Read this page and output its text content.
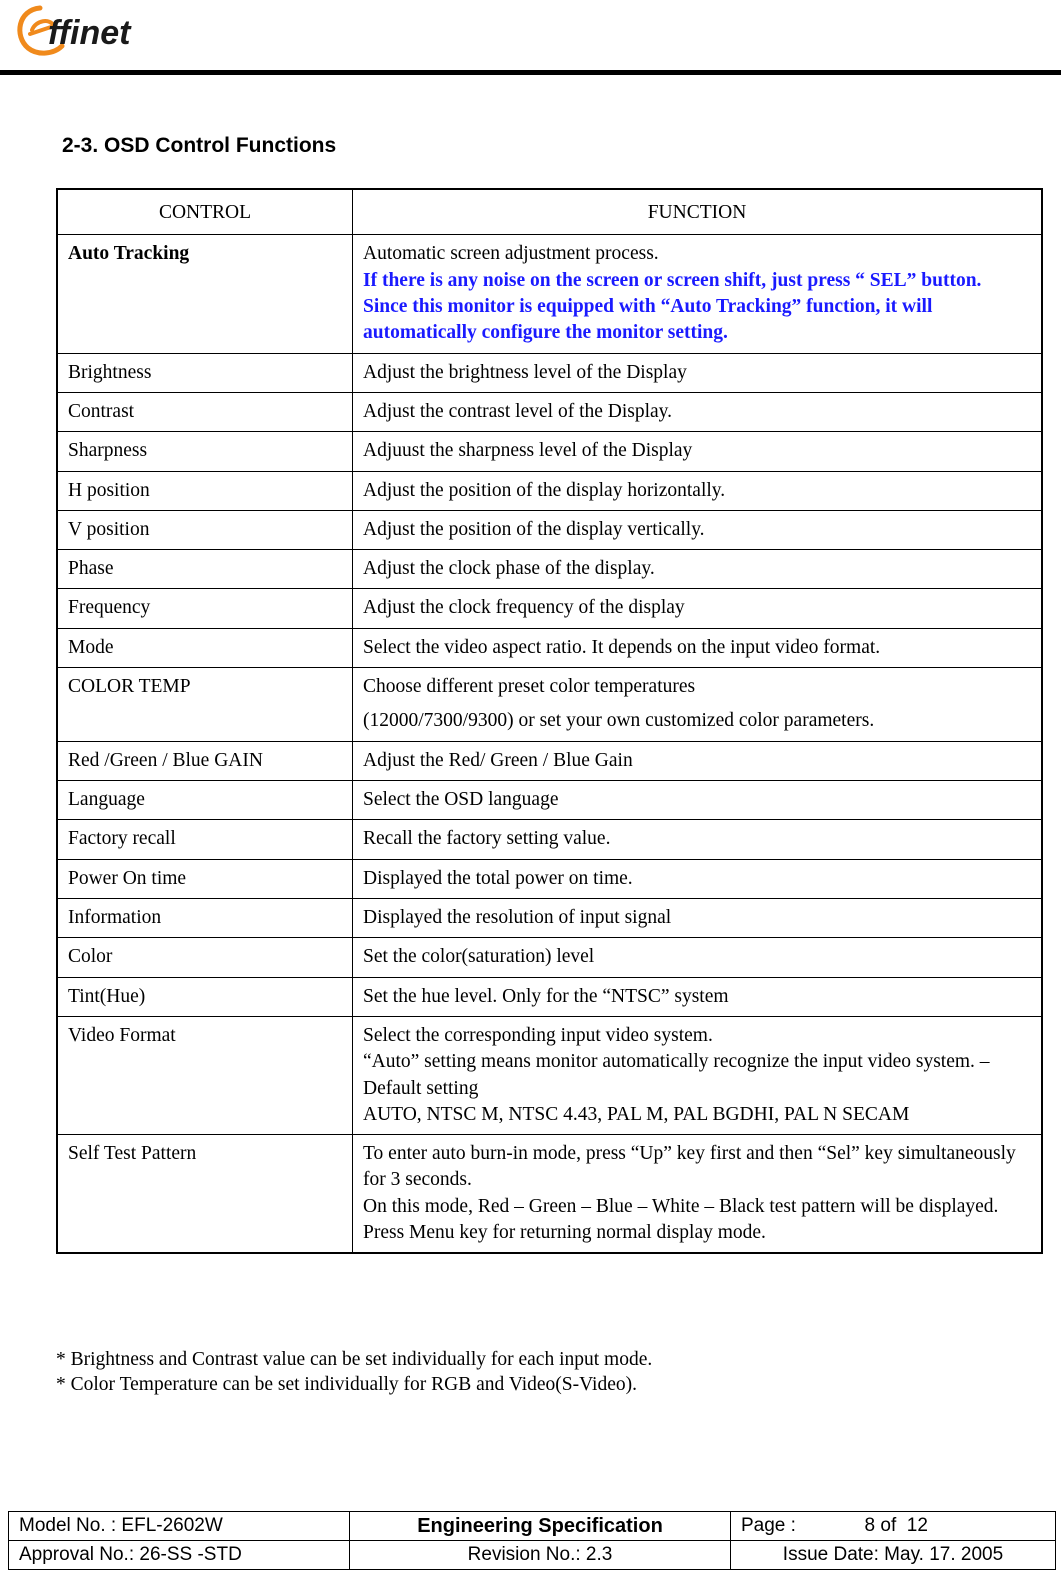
ffinet
2-3. OSD Control Functions
CONTROL	FUNCTION
Auto Tracking	Automatic screen adjustment process.
If there is any noise on the screen or screen shift, just press “ SEL” button.
Since this monitor is equipped with “Auto Tracking” function, it will automatically configure the monitor setting.

Brightness	Adjust the brightness level of the Display

Contrast	Adjust the contrast level of the Display.

Sharpness	Adjuust the sharpness level of the Display

H position	Adjust the position of the display horizontally.

V position	Adjust the position of the display vertically.

Phase	Adjust the clock phase of the display.

Frequency	Adjust the clock frequency of the display

Mode	Select the video aspect ratio. It depends on the input video format.

COLOR TEMP	Choose different preset color temperatures
(12000/7300/9300) or set your own customized color parameters.

Red /Green / Blue GAIN	Adjust the Red/ Green / Blue Gain

Language	Select the OSD language

Factory recall	Recall the factory setting value.

Power On time	Displayed the total power on time.

Information	Displayed the resolution of input signal

Color	Set the color(saturation) level

Tint(Hue)	Set the hue level. Only for the “NTSC” system

Video Format	Select the corresponding input video system.
“Auto” setting means monitor automatically recognize the input video system. – Default setting
AUTO, NTSC M, NTSC 4.43, PAL M, PAL BGDHI, PAL N SECAM

Self Test Pattern	To enter auto burn-in mode, press “Up” key first and then “Sel” key simultaneously for 3 seconds.
On this mode, Red – Green – Blue – White – Black test pattern will be displayed. Press Menu key for returning normal display mode.
* Brightness and Contrast value can be set individually for each input mode.
* Color Temperature can be set individually for RGB and Video(S-Video).
Model No. : EFL-2602W	Engineering Specification	Page :             8 of  12
Approval No.: 26-SS -STD	Revision No.: 2.3	Issue Date: May. 17. 2005
